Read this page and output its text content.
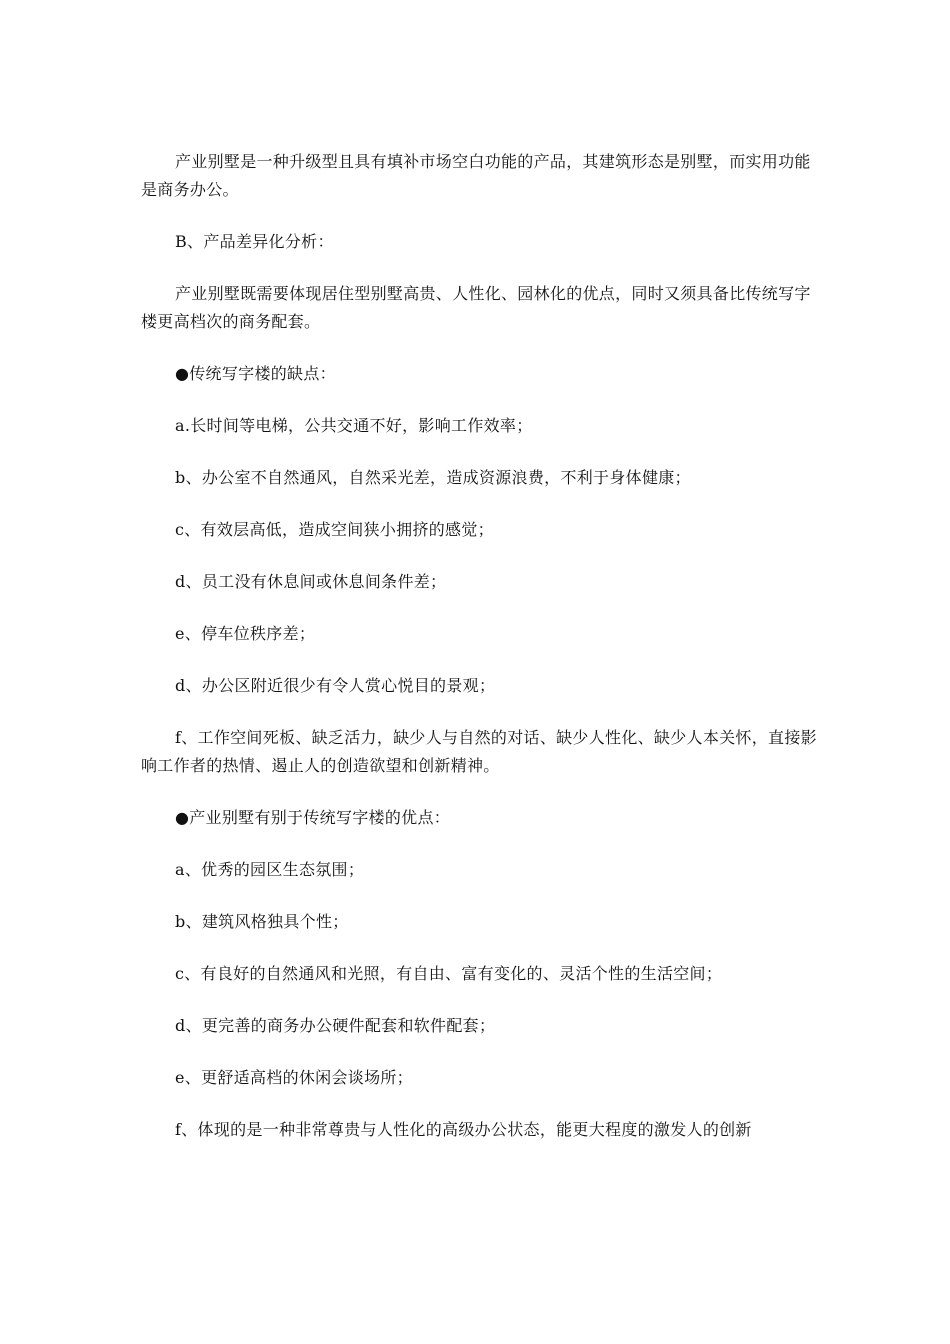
产业别墅是一种升级型且具有填补市场空白功能的产品，其建筑形态是别墅，而实用功能是商务办公。

B、产品差异化分析：

产业别墅既需要体现居住型别墅高贵、人性化、园林化的优点，同时又须具备比传统写字楼更高档次的商务配套。

●传统写字楼的缺点：

a.长时间等电梯，公共交通不好，影响工作效率；

b、办公室不自然通风，自然采光差，造成资源浪费，不利于身体健康；

c、有效层高低，造成空间狭小拥挤的感觉；

d、员工没有休息间或休息间条件差；

e、停车位秩序差；

d、办公区附近很少有令人赏心悦目的景观；

f、工作空间死板、缺乏活力，缺少人与自然的对话、缺少人性化、缺少人本关怀，直接影响工作者的热情、遏止人的创造欲望和创新精神。

●产业别墅有别于传统写字楼的优点：

a、优秀的园区生态氛围；

b、建筑风格独具个性；

c、有良好的自然通风和光照，有自由、富有变化的、灵活个性的生活空间；

d、更完善的商务办公硬件配套和软件配套；

e、更舒适高档的休闲会谈场所；

f、体现的是一种非常尊贵与人性化的高级办公状态，能更大程度的激发人的创新
